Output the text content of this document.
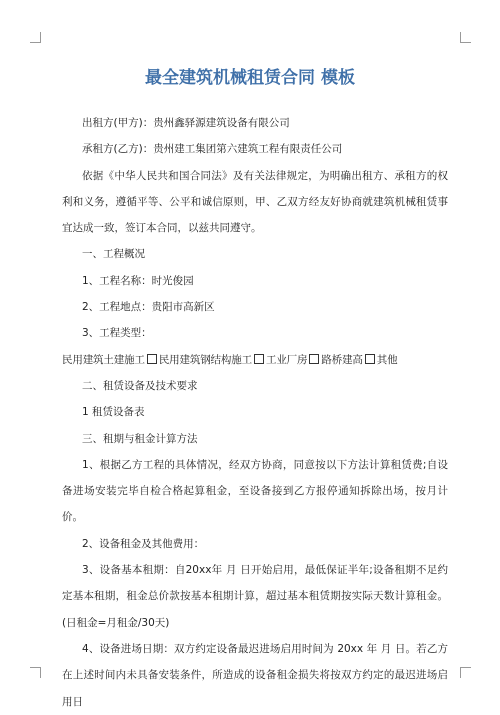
最全建筑机械租赁合同 模板

出租方(甲方)：贵州鑫驿源建筑设备有限公司

承租方(乙方)：贵州建工集团第六建筑工程有限责任公司

依据《中华人民共和国合同法》及有关法律规定，为明确出租方、承租方的权利和义务，遵循平等、公平和诚信原则，甲、乙双方经友好协商就建筑机械租赁事宜达成一致，签订本合同，以兹共同遵守。

一、工程概况

1、工程名称：时光俊园

2、工程地点：贵阳市高新区

3、工程类型：

民用建筑土建施工 民用建筑钢结构施工 工业厂房 路桥建高 其他

二、租赁设备及技术要求

1 租赁设备表

三、租期与租金计算方法

1、根据乙方工程的具体情况，经双方协商，同意按以下方法计算租赁费;自设备进场安装完毕自检合格起算租金，至设备接到乙方报停通知拆除出场，按月计价。

2、设备租金及其他费用：

3、设备基本租期：自20xx年 月 日开始启用，最低保证半年;设备租期不足约定基本租期，租金总价款按基本租期计算，超过基本租赁期按实际天数计算租金。(日租金=月租金/30天)

4、设备进场日期：双方约定设备最迟进场启用时间为 20xx 年 月 日。若乙方在上述时间内未具备安装条件，所造成的设备租金损失将按双方约定的最迟进场启用日
